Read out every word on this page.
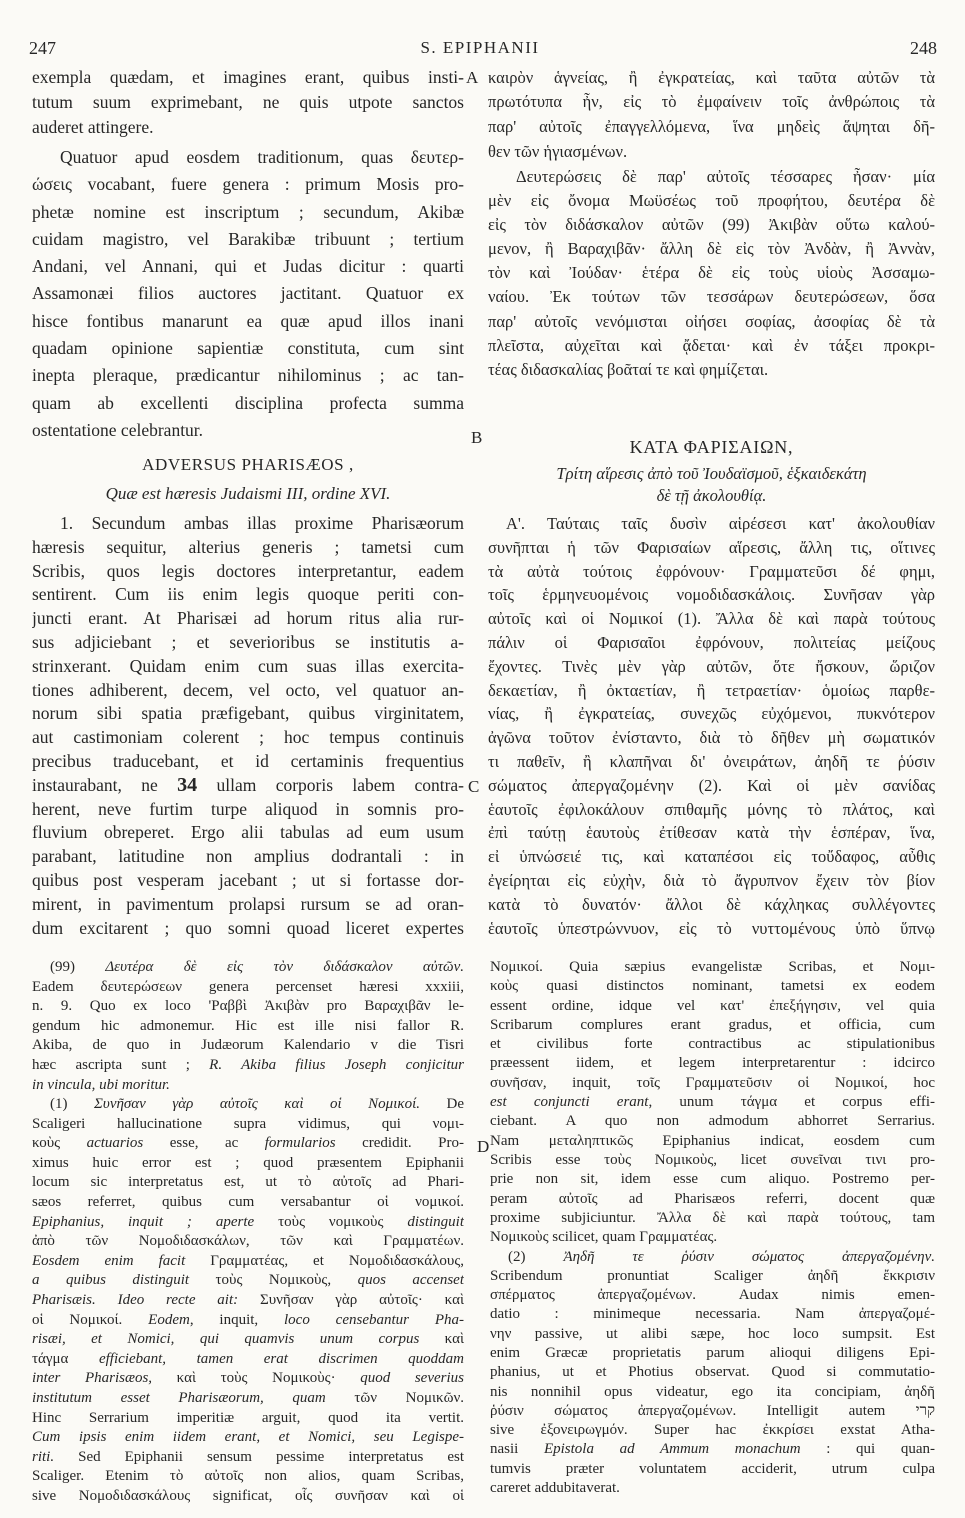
247	S. EPIPHANII	248
A
B
C
D
exempla quædam, et imagines erant, quibus insti-
tutum suum exprimebant, ne quis utpote sanctos
auderet attingere.
Quatuor apud eosdem traditionum, quas δευτερ-
ώσεις vocabant, fuere genera : primum Mosis pro-
phetæ nomine est inscriptum ; secundum, Akibæ
cuidam magistro, vel Barakibæ tribuunt ; tertium
Andani, vel Annani, qui et Judas dicitur : quarti
Assamonæi filios auctores jactitant. Quatuor ex
hisce fontibus manarunt ea quæ apud illos inani
quadam opinione sapientiæ constituta, cum sint
inepta pleraque, prædicantur nihilominus ; ac tan-
quam ab excellenti disciplina profecta summa
ostentatione celebrantur.
ADVERSUS PHARISÆOS ,
Quæ est hæresis Judaismi III, ordine XVI.
1. Secundum ambas illas proxime Pharisæorum
hæresis sequitur, alterius generis ; tametsi cum
Scribis, quos legis doctores interpretantur, eadem
sentirent. Cum iis enim legis quoque periti con-
juncti erant. At Pharisæi ad horum ritus alia rur-
sus adjiciebant ; et severioribus se institutis a-
strinxerant. Quidam enim cum suas illas exercita-
tiones adhiberent, decem, vel octo, vel quatuor an-
norum sibi spatia præfigebant, quibus virginitatem,
aut castimoniam colerent ; hoc tempus continuis
precibus traducebant, et id certaminis frequentius
instaurabant, ne 34 ullam corporis labem contra-
herent, neve furtim turpe aliquod in somnis pro-
fluvium obreperet. Ergo alii tabulas ad eum usum
parabant, latitudine non amplius dodrantali : in
quibus post vesperam jacebant ; ut si fortasse dor-
mirent, in pavimentum prolapsi rursum se ad oran-
dum excitarent ; quo somni quoad liceret expertes
καιρὸν ἁγνείας, ἢ ἐγκρατείας, καὶ ταῦτα αὐτῶν τὰ
πρωτότυπα ἦν, εἰς τὸ ἐμφαίνειν τοῖς ἀνθρώποις τὰ
παρ' αὐτοῖς ἐπαγγελλόμενα, ἵνα μηδεὶς ἅψηται δῆ-
θεν τῶν ἡγιασμένων.
Δευτερώσεις δὲ παρ' αὐτοῖς τέσσαρες ἦσαν· μία
μὲν εἰς ὄνομα Μωϋσέως τοῦ προφήτου, δευτέρα δὲ
εἰς τὸν διδάσκαλον αὐτῶν (99) Ἀκιβὰν οὕτω καλού-
μενον, ἢ Βαραχιβᾶν· ἄλλη δὲ εἰς τὸν Ἀνδὰν, ἢ Ἀννὰν,
τὸν καὶ Ἰούδαν· ἑτέρα δὲ εἰς τοὺς υἱοὺς Ἀσσαμω-
ναίου. Ἐκ τούτων τῶν τεσσάρων δευτερώσεων, ὅσα
παρ' αὐτοῖς νενόμισται οἰήσει σοφίας, ἀσοφίας δὲ τὰ
πλεῖστα, αὐχεῖται καὶ ᾄδεται· καὶ ἐν τάξει προκρι-
τέας διδασκαλίας βοᾶταί τε καὶ φημίζεται.
ΚΑΤΑ ΦΑΡΙΣΑΙΩΝ,
Τρίτη αἵρεσις ἀπὸ τοῦ Ἰουδαϊσμοῦ, ἑξκαιδεκάτη
δὲ τῇ ἀκολουθίᾳ.
Α'. Ταύταις ταῖς δυσὶν αἱρέσεσι κατ' ἀκολουθίαν
συνῆπται ἡ τῶν Φαρισαίων αἵρεσις, ἄλλη τις, οἵτινες
τὰ αὐτὰ τούτοις ἐφρόνουν· Γραμματεῦσι δέ φημι,
τοῖς ἑρμηνευομένοις νομοδιδασκάλοις. Συνῆσαν γὰρ
αὐτοῖς καὶ οἱ Νομικοί (1). Ἄλλα δὲ καὶ παρὰ τούτους
πάλιν οἱ Φαρισαῖοι ἐφρόνουν, πολιτείας μείζους
ἔχοντες. Τινὲς μὲν γὰρ αὐτῶν, ὅτε ἤσκουν, ὥριζον
δεκαετίαν, ἢ ὀκταετίαν, ἢ τετραετίαν· ὁμοίως παρθε-
νίας, ἢ ἐγκρατείας, συνεχῶς εὐχόμενοι, πυκνότερον
ἀγῶνα τοῦτον ἐνίσταντο, διὰ τὸ δῆθεν μὴ σωματικόν
τι παθεῖν, ἢ κλαπῆναι δι' ὀνειράτων, ἀηδῆ τε ῥύσιν
σώματος ἀπεργαζομένην (2). Καὶ οἱ μὲν σανίδας
ἑαυτοῖς ἐφιλοκάλουν σπιθαμῆς μόνης τὸ πλάτος, καὶ
ἐπὶ ταύτῃ ἑαυτοὺς ἐτίθεσαν κατὰ τὴν ἑσπέραν, ἵνα,
εἰ ὑπνώσειέ τις, καὶ καταπέσοι εἰς τοὔδαφος, αὖθις
ἐγείρηται εἰς εὐχὴν, διὰ τὸ ἄγρυπνον ἔχειν τὸν βίον
κατὰ τὸ δυνατόν· ἄλλοι δὲ κάχληκας συλλέγοντες
ἑαυτοῖς ὑπεστρώννυον, εἰς τὸ νυττομένους ὑπὸ ὕπνῳ
(99) Δευτέρα δὲ εἰς τὸν διδάσκαλον αὐτῶν.
Eadem δευτερώσεων genera percenset hæresi xxxiii,
n. 9. Quo ex loco 'Ραββὶ Ἀκιβὰν pro Βαραχιβᾶν le-
gendum hic admonemur. Hic est ille nisi fallor R.
Akiba, de quo in Judæorum Kalendario v die Tisri
hæc ascripta sunt ; R. Akiba filius Joseph conjicitur
in vincula, ubi moritur.
(1) Συνῆσαν γὰρ αὐτοῖς καὶ οἱ Νομικοί. De
Scaligeri hallucinatione supra vidimus, qui νομι-
κοὺς actuarios esse, ac formularios credidit. Pro-
ximus huic error est ; quod præsentem Epiphanii
locum sic interpretatus est, ut τὸ αὐτοῖς ad Phari-
sæos referret, quibus cum versabantur οἱ νομικοί.
Epiphanius, inquit ; aperte τοὺς νομικοὺς distinguit
ἀπὸ τῶν Νομοδιδασκάλων, τῶν καὶ Γραμματέων.
Eosdem enim facit Γραμματέας, et Νομοδιδασκάλους,
a quibus distinguit τοὺς Νομικοὺς, quos accenset
Pharisæis. Ideo recte ait: Συνῆσαν γὰρ αὐτοῖς· καὶ
οἱ Νομικοί. Eodem, inquit, loco censebantur Pha-
risæi, et Nomici, qui quamvis unum corpus καὶ
τάγμα efficiebant, tamen erat discrimen quoddam
inter Pharisæos, καὶ τοὺς Νομικοὺς· quod severius
institutum esset Pharisæorum, quam τῶν Νομικῶν.
Hinc Serrarium imperitiæ arguit, quod ita vertit.
Cum ipsis enim iidem erant, et Nomici, seu Legispe-
riti. Sed Epiphanii sensum pessime interpretatus est
Scaliger. Etenim τὸ αὐτοῖς non alios, quam Scribas,
sive Νομοδιδασκάλους significat, οἷς συνῆσαν καὶ οἱ
Νομικοί. Quia sæpius evangelistæ Scribas, et Νομι-
κοὺς quasi distinctos nominant, tametsi ex eodem
essent ordine, idque vel κατ' ἐπεξήγησιν, vel quia
Scribarum complures erant gradus, et officia, cum
et civilibus forte contractibus ac stipulationibus
præessent iidem, et legem interpretarentur : idcirco
συνῆσαν, inquit, τοῖς Γραμματεῦσιν οἱ Νομικοί, hoc
est conjuncti erant, unum τάγμα et corpus effi-
ciebant. A quo non admodum abhorret Serrarius.
Nam μεταληπτικῶς Epiphanius indicat, eosdem cum
Scribis esse τοὺς Νομικοὺς, licet συνεῖναι τινι pro-
prie non sit, idem esse cum aliquo. Postremo per-
peram αὐτοῖς ad Pharisæos referri, docent quæ
proxime subjiciuntur. Ἄλλα δὲ καὶ παρὰ τούτους, tam
Νομικοὺς scilicet, quam Γραμματέας.
(2) Ἀηδῆ τε ῥύσιν σώματος ἀπεργαζομένην.
Scribendum pronuntiat Scaliger ἀηδῆ ἔκκρισιν
σπέρματος ἀπεργαζομένων. Audax nimis emen-
datio : minimeque necessaria. Nam ἀπεργαζομέ-
νην passive, ut alibi sæpe, hoc loco sumpsit. Est
enim Græcæ proprietatis parum alioqui diligens Epi-
phanius, ut et Photius observat. Quod si commutatio-
nis nonnihil opus videatur, ego ita concipiam, ἀηδῆ
ῥύσιν σώματος ἀπεργαζομένων. Intelligit autem קרי
sive ἐξονειρωγμόν. Super hac ἐκκρίσει exstat Atha-
nasii Epistola ad Ammum monachum : qui quan-
tumvis præter voluntatem acciderit, utrum culpa
careret addubitaverat.
